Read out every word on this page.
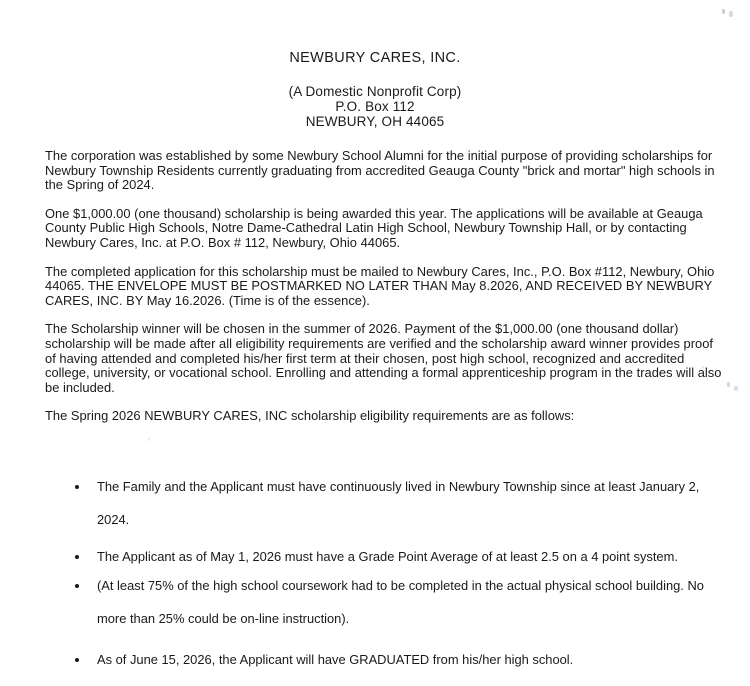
NEWBURY CARES, INC.
(A Domestic Nonprofit Corp)
P.O. Box 112
NEWBURY, OH 44065

The corporation was established by some Newbury School Alumni for the initial purpose of providing scholarships for Newbury Township Residents currently graduating from accredited Geauga County "brick and mortar" high schools in the Spring of 2024.

One $1,000.00 (one thousand) scholarship is being awarded this year. The applications will be available at Geauga County Public High Schools, Notre Dame-Cathedral Latin High School, Newbury Township Hall, or by contacting Newbury Cares, Inc. at P.O. Box # 112, Newbury, Ohio 44065.

The completed application for this scholarship must be mailed to Newbury Cares, Inc., P.O. Box #112, Newbury, Ohio 44065. THE ENVELOPE MUST BE POSTMARKED NO LATER THAN May 8.2026, AND RECEIVED BY NEWBURY CARES, INC. BY May 16.2026. (Time is of the essence).

The Scholarship winner will be chosen in the summer of 2026. Payment of the $1,000.00 (one thousand dollar) scholarship will be made after all eligibility requirements are verified and the scholarship award winner provides proof of having attended and completed his/her first term at their chosen, post high school, recognized and accredited college, university, or vocational school. Enrolling and attending a formal apprenticeship program in the trades will also be included.

The Spring 2026 NEWBURY CARES, INC scholarship eligibility requirements are as follows:

The Family and the Applicant must have continuously lived in Newbury Township since at least January 2, 2024.
The Applicant as of May 1, 2026 must have a Grade Point Average of at least 2.5 on a 4 point system.
(At least 75% of the high school coursework had to be completed in the actual physical school building. No more than 25% could be on-line instruction).
As of June 15, 2026, the Applicant will have GRADUATED from his/her high school.
